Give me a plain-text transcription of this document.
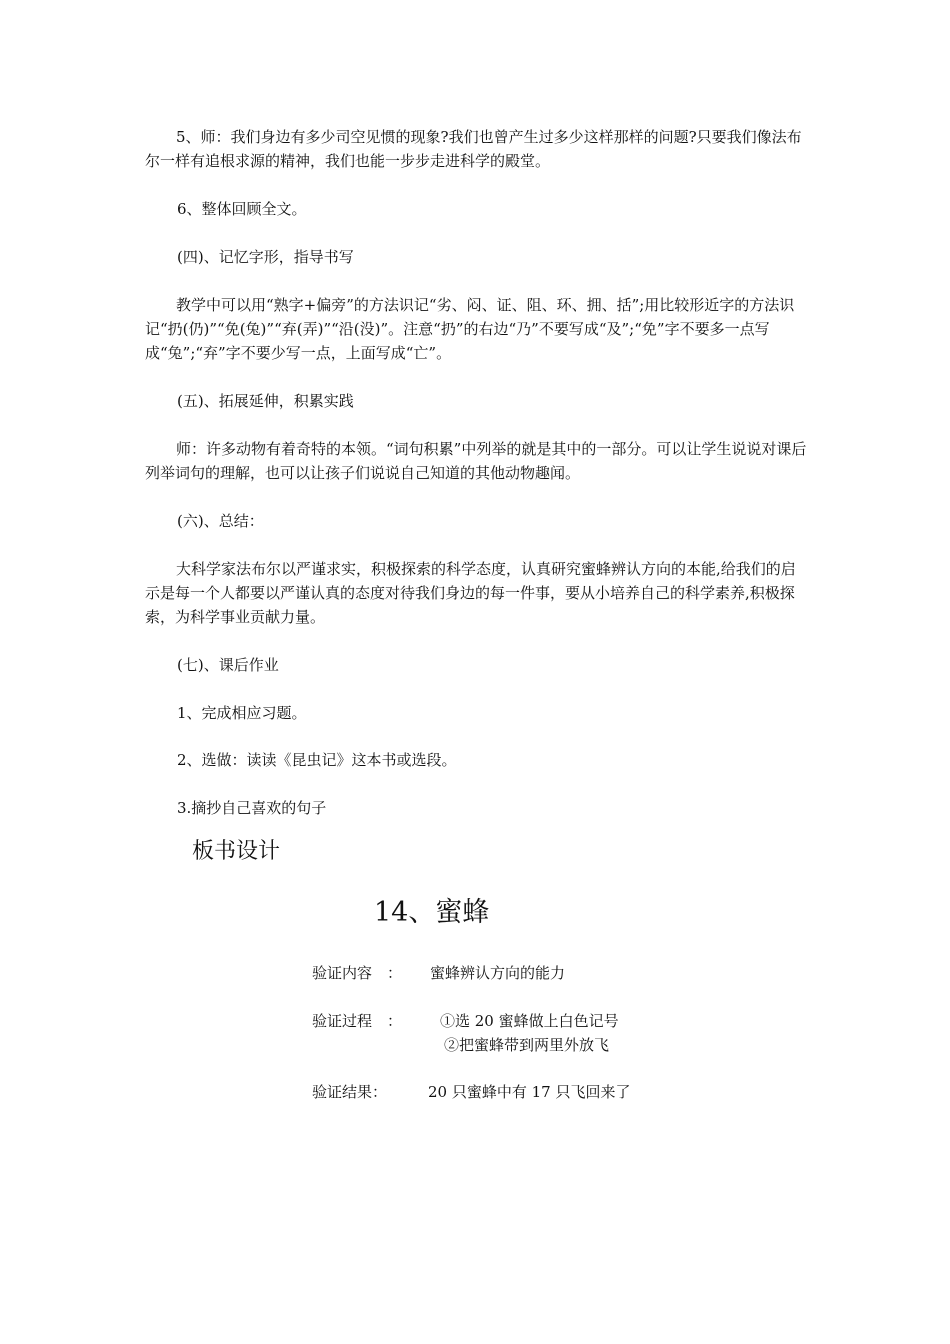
5、师：我们身边有多少司空见惯的现象?我们也曾产生过多少这样那样的问题?只要我们像法布尔一样有追根求源的精神，我们也能一步步走进科学的殿堂。

6、整体回顾全文。
(四)、记忆字形，指导书写

教学中可以用“熟字+偏旁”的方法识记“劣、闷、证、阻、环、拥、括”;用比较形近字的方法识记“扔(仍)”“免(兔)”“弃(弄)”“沿(没)”。注意“扔”的右边“乃”不要写成“及”;“免”字不要多一点写成“兔”;“弃”字不要少写一点，上面写成“亡”。

(五)、拓展延伸，积累实践

师：许多动物有着奇特的本领。“词句积累”中列举的就是其中的一部分。可以让学生说说对课后列举词句的理解，也可以让孩子们说说自己知道的其他动物趣闻。

(六)、总结：

大科学家法布尔以严谨求实，积极探索的科学态度，认真研究蜜蜂辨认方向的本能,给我们的启示是每一个人都要以严谨认真的态度对待我们身边的每一件事，要从小培养自己的科学素养,积极探索，为科学事业贡献力量。

(七)、课后作业
1、完成相应习题。
2、选做：读读《昆虫记》这本书或选段。
3.摘抄自己喜欢的句子
板书设计
14、蜜蜂
验证内容　： 蜜蜂辨认方向的能力
验证过程　：	①选 20 蜜蜂做上白色记号
②把蜜蜂带到两里外放飞
验证结果：	20 只蜜蜂中有 17 只飞回来了
